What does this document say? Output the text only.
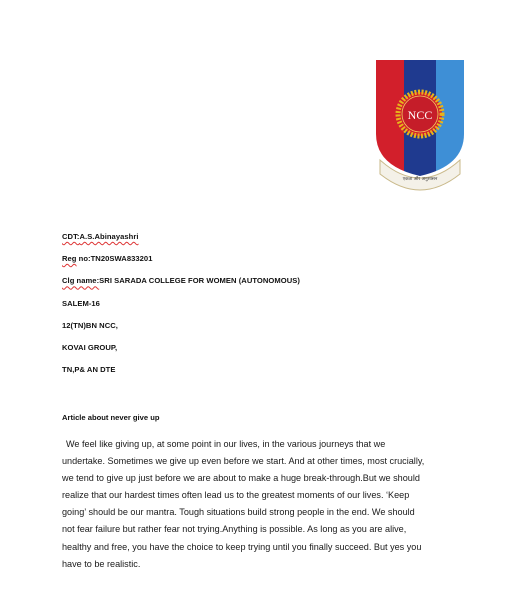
NCC
एकता और अनुशासन
CDT:A.S.Abinayashri
Reg no:TN20SWA833201
Clg name:SRI SARADA COLLEGE FOR WOMEN (AUTONOMOUS)
SALEM-16
12(TN)BN NCC,
KOVAI GROUP,
TN,P& AN DTE
Article about never give up

We feel like giving up, at some point in our lives, in the various journeys that we

undertake. Sometimes we give up even before we start. And at other times, most crucially,

we tend to give up just before we are about to make a huge break-through.But we should

realize that our hardest times often lead us to the greatest moments of our lives. ‘Keep

going’ should be our mantra. Tough situations build strong people in the end. We should

not fear failure but rather fear not trying.Anything is possible. As long as you are alive,

healthy and free, you have the choice to keep trying until you finally succeed. But yes you

have to be realistic.
